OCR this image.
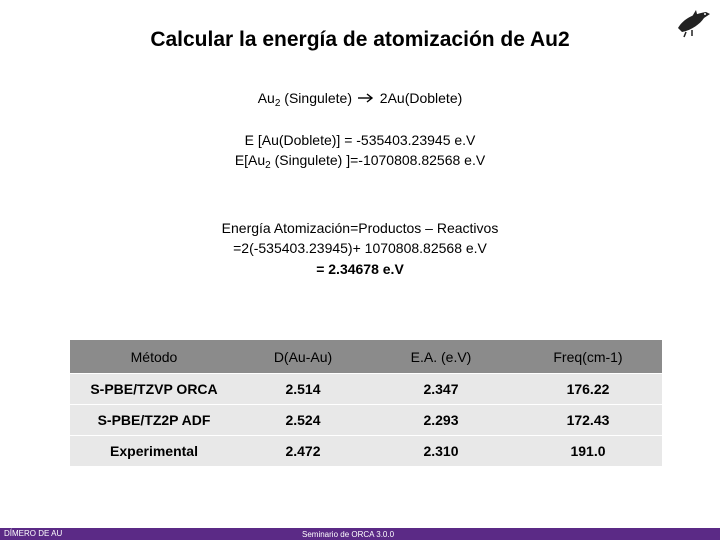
Calcular la energía de atomización de Au2
$Au_2$ (Singulete) 2Au(Doblete)
E [Au(Doblete)] = -535403.23945 e.V
$E[Au_2$ (Singulete) ]=-1070808.82568 e.V
Energía Atomización=Productos – Reactivos
=2(-535403.23945)+ 1070808.82568 e.V
= 2.34678 e.V
Método	D(Au-Au)	E.A. (e.V)	Freq(cm-1)
S-PBE/TZVP ORCA	2.514	2.347	176.22
S-PBE/TZ2P ADF	2.524	2.293	172.43
Experimental	2.472	2.310	191.0
DÍMERO DE AU	Seminario de ORCA 3.0.0
